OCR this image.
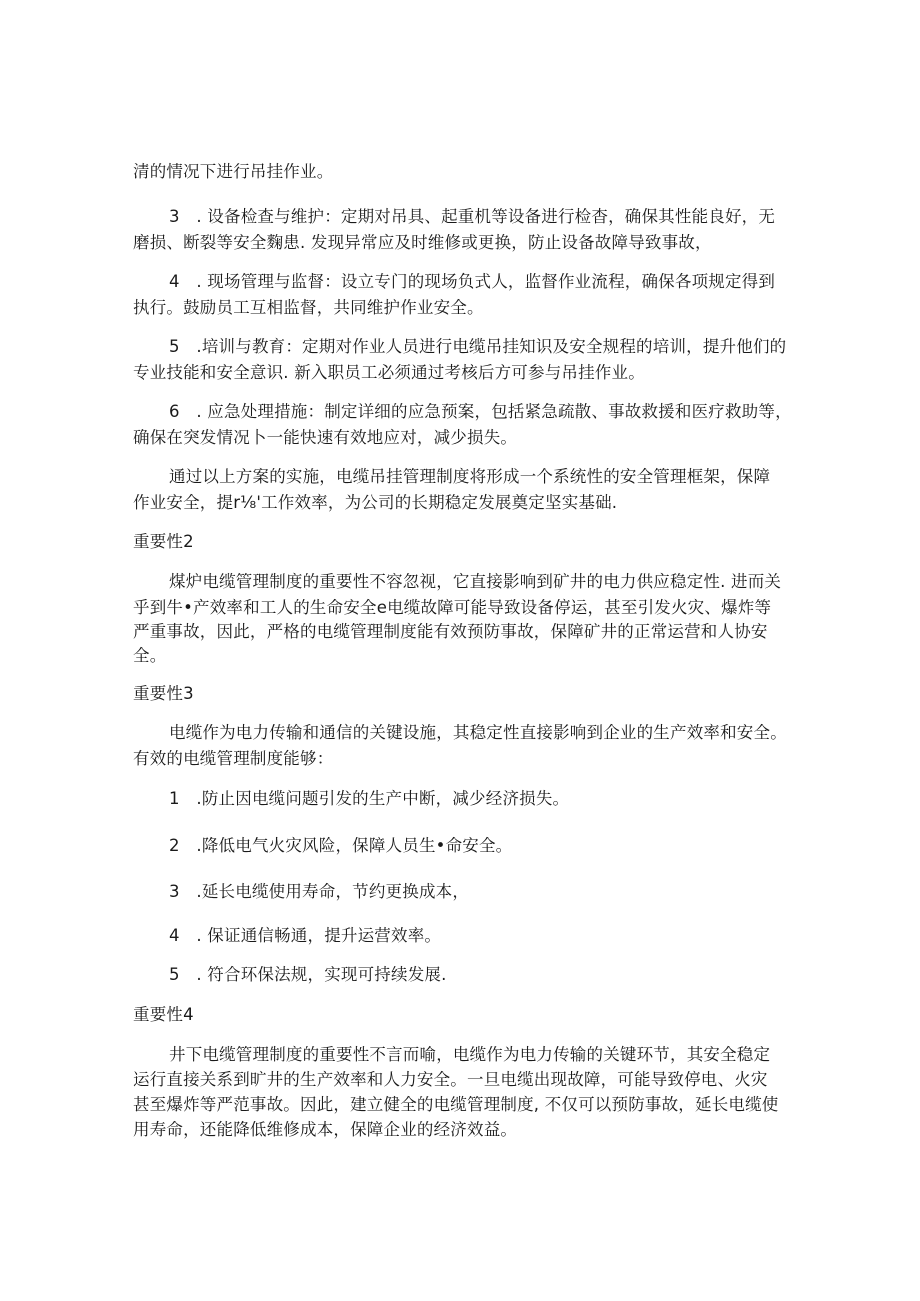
清的情况下进行吊挂作业。
3　. 设备检查与维护：定期对吊具、起重机等设备进行检杳，确保其性能良好，无
磨损、断裂等安全麴患. 发现异常应及时维修或更换，防止设备故障导致事故，
4　. 现场管理与监督：设立专门的现场负式人，监督作业流程，确保各项规定得到
执行。鼓励员工互相监督，共同维护作业安全。
5　.培训与教育：定期对作业人员进行电缆吊挂知识及安全规程的培训，提升他们的
专业技能和安全意识. 新入职员工必须通过考核后方可参与吊挂作业。
6　. 应急处理措施：制定详细的应急预案，包括紧急疏散、事故救援和医疗救助等，
确保在突发情况卜一能快速有效地应对，减少损失。
通过以上方案的实施，电缆吊挂管理制度将形成一个系统性的安全管理框架，保障
作业安全，提r⅛'工作效率，为公司的长期稳定发展奠定坚实基础.
重要性2
煤炉电缆管理制度的重要性不容忽视，它直接影响到矿井的电力供应稳定性. 进而关
乎到牛•产效率和工人的生命安全e电缆故障可能导致设备停运，甚至引发火灾、爆炸等
严重事故，因此，严格的电缆管理制度能有效预防事故，保障矿井的正常运营和人协安
全。
重要性3
电缆作为电力传输和通信的关键设施，其稳定性直接影响到企业的生产效率和安全。
有效的电缆管理制度能够：
1　.防止因电缆问题引发的生产中断，减少经济损失。
2　.降低电气火灾风险，保障人员生•命安全。
3　.延长电缆使用寿命，节约更换成本，
4　. 保证通信畅通，提升运营效率。
5　. 符合环保法规，实现可持续发展.
重要性4
井下电缆管理制度的重要性不言而喻，电缆作为电力传输的关键环节，其安全稳定
运行直接关系到旷井的生产效率和人力安全。一旦电缆出现故障，可能导致停电、火灾
甚至爆炸等严范事故。因此，建立健全的电缆管理制度, 不仅可以预防事故，延长电缆使
用寿命，还能降低维修成本，保障企业的经济效益。
